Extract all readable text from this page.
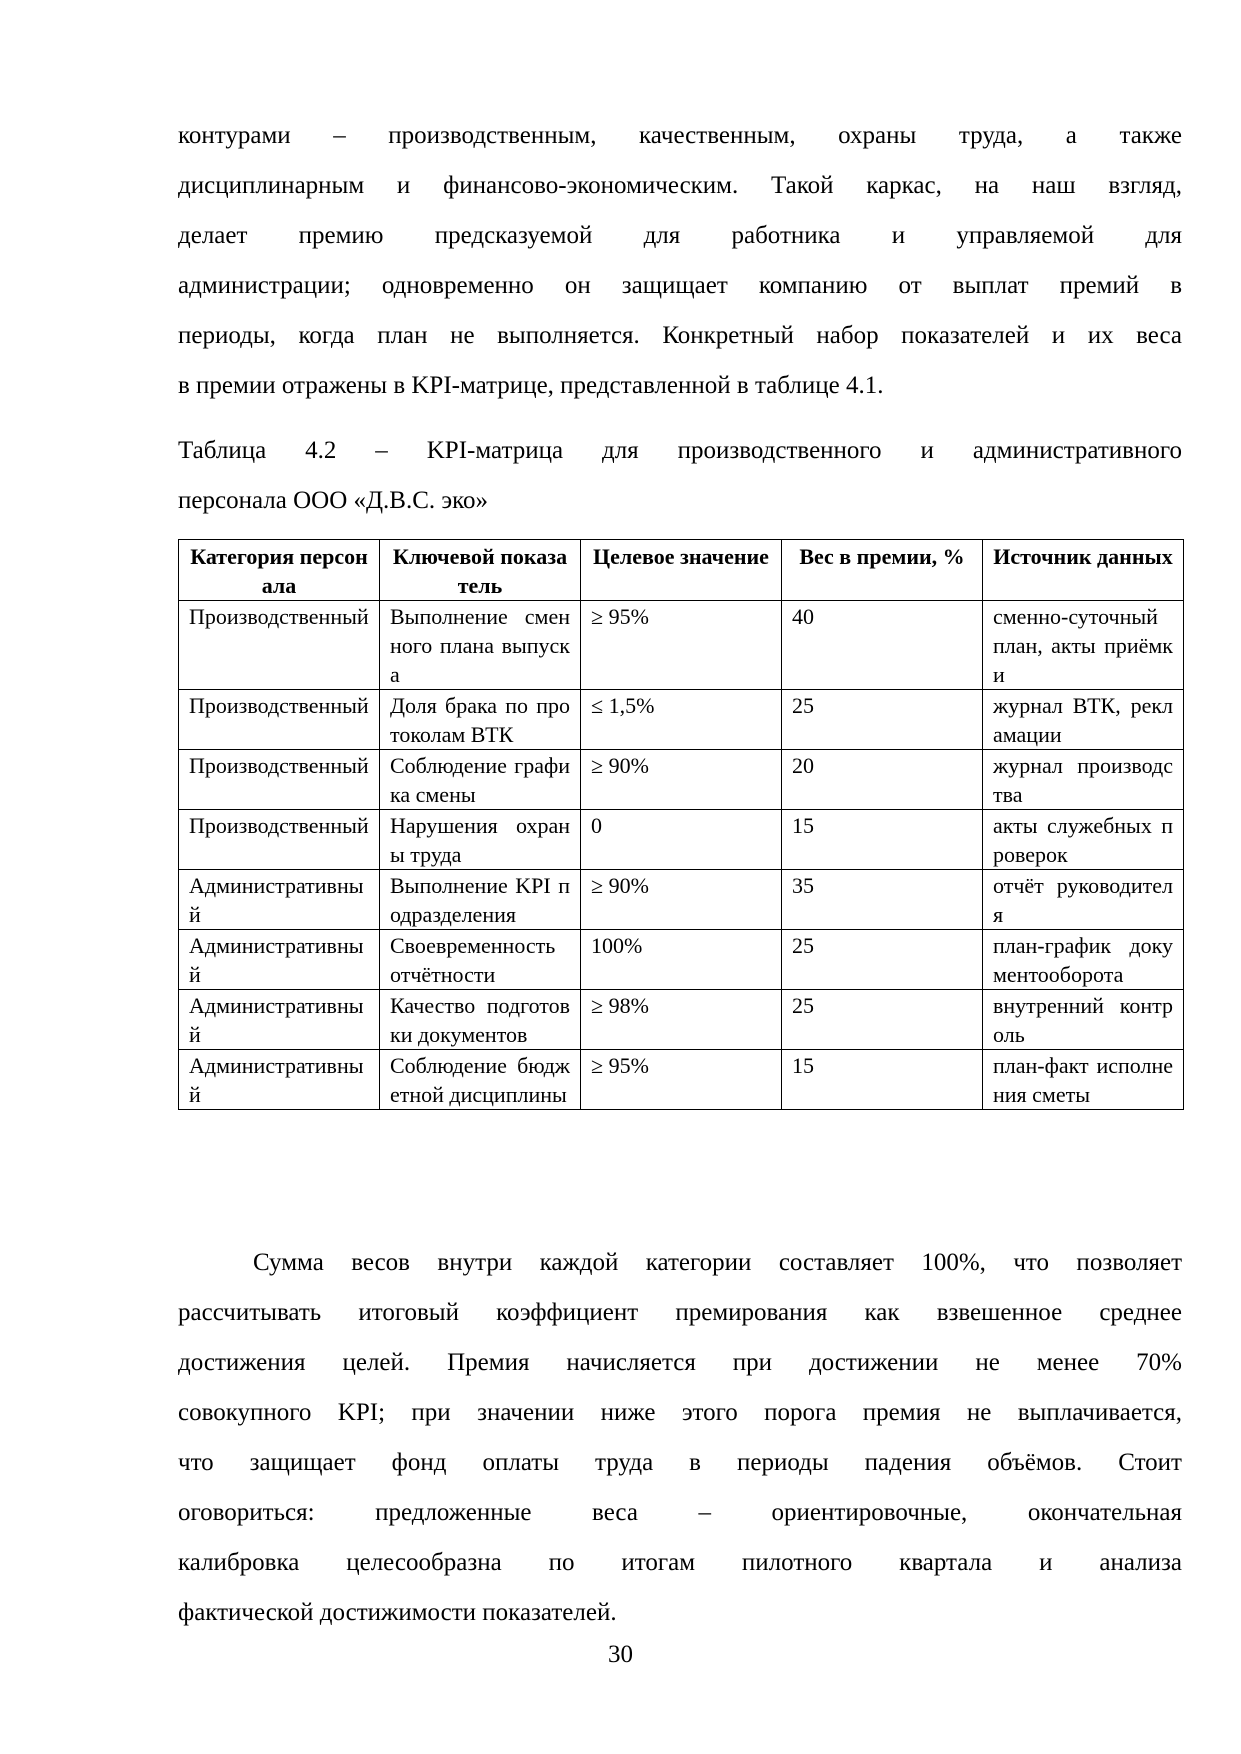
контурами – производственным, качественным, охраны труда, а также
дисциплинарным и финансово-экономическим. Такой каркас, на наш взгляд,
делает премию предсказуемой для работника и управляемой для
администрации; одновременно он защищает компанию от выплат премий в
периоды, когда план не выполняется. Конкретный набор показателей и их веса
в премии отражены в KPI-матрице, представленной в таблице 4.1.
Таблица 4.2 – KPI-матрица для производственного и административного
персонала ООО «Д.В.С. эко»
Категория персонала	Ключевой показатель	Целевое значение	Вес в премии, %	Источник данных
Производственный	Выполнение сменного плана выпуска	≥ 95%	40	сменно-суточный план, акты приёмки
Производственный	Доля брака по протоколам ВТК	≤ 1,5%	25	журнал ВТК, рекламации
Производственный	Соблюдение графика смены	≥ 90%	20	журнал производства
Производственный	Нарушения охраны труда	0	15	акты служебных проверок
Административный	Выполнение KPI подразделения	≥ 90%	35	отчёт руководителя
Административный	Своевременность отчётности	100%	25	план-график документооборота
Административный	Качество подготовки документов	≥ 98%	25	внутренний контроль
Административный	Соблюдение бюджетной дисциплины	≥ 95%	15	план-факт исполнения сметы
Сумма весов внутри каждой категории составляет 100%, что позволяет
рассчитывать итоговый коэффициент премирования как взвешенное среднее
достижения целей. Премия начисляется при достижении не менее 70%
совокупного KPI; при значении ниже этого порога премия не выплачивается,
что защищает фонд оплаты труда в периоды падения объёмов. Стоит
оговориться: предложенные веса – ориентировочные, окончательная
калибровка целесообразна по итогам пилотного квартала и анализа
фактической достижимости показателей.
30
